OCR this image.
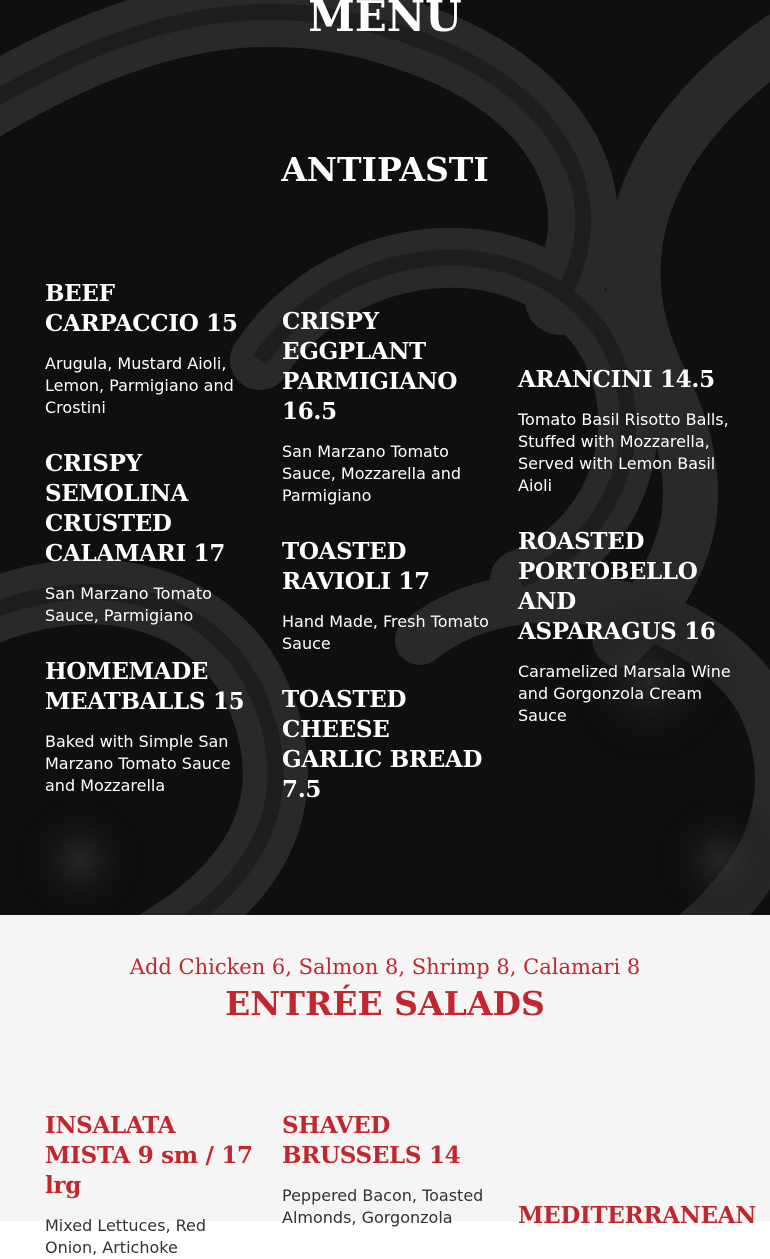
MENU
ANTIPASTI
BEEF CARPACCIO 15
Arugula, Mustard Aioli, Lemon, Parmigiano and Crostini
CRISPY SEMOLINA CRUSTED CALAMARI 17
San Marzano Tomato Sauce, Parmigiano
HOMEMADE MEATBALLS 15
Baked with Simple San Marzano Tomato Sauce and Mozzarella
CRISPY EGGPLANT PARMIGIANO 16.5
San Marzano Tomato Sauce, Mozzarella and Parmigiano
TOASTED RAVIOLI 17
Hand Made, Fresh Tomato Sauce
TOASTED CHEESE GARLIC BREAD 7.5
ARANCINI 14.5
Tomato Basil Risotto Balls, Stuffed with Mozzarella, Served with Lemon Basil Aioli
ROASTED PORTOBELLO AND ASPARAGUS 16
Caramelized Marsala Wine and Gorgonzola Cream Sauce
Add Chicken 6, Salmon 8, Shrimp 8, Calamari 8
ENTRÉE SALADS
INSALATA MISTA 9 sm / 17 lrg
Mixed Lettuces, Red Onion, Artichoke
SHAVED BRUSSELS 14
Peppered Bacon, Toasted Almonds, Gorgonzola	MEDITERRANEAN
